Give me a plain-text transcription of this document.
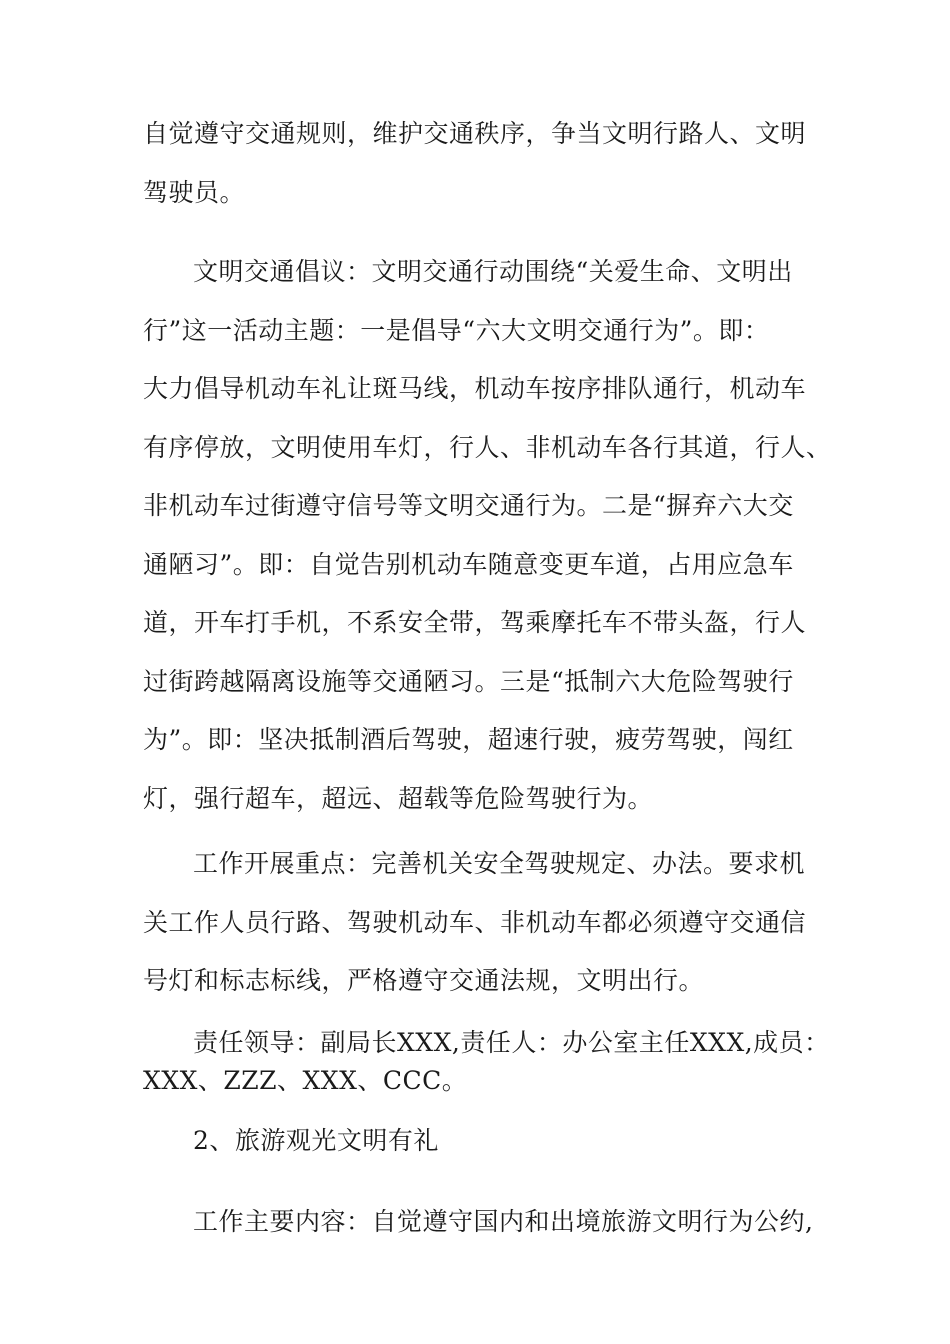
自觉遵守交通规则，维护交通秩序，争当文明行路人、文明
驾驶员。

文明交通倡议：文明交通行动围绕“关爱生命、文明出
行”这一活动主题：一是倡导“六大文明交通行为”。即：
大力倡导机动车礼让斑马线，机动车按序排队通行，机动车
有序停放，文明使用车灯，行人、非机动车各行其道，行人、
非机动车过街遵守信号等文明交通行为。二是“摒弃六大交
通陋习”。即：自觉告别机动车随意变更车道，占用应急车
道，开车打手机，不系安全带，驾乘摩托车不带头盔，行人
过街跨越隔离设施等交通陋习。三是“抵制六大危险驾驶行
为”。即：坚决抵制酒后驾驶，超速行驶，疲劳驾驶，闯红
灯，强行超车，超远、超载等危险驾驶行为。

工作开展重点：完善机关安全驾驶规定、办法。要求机
关工作人员行路、驾驶机动车、非机动车都必须遵守交通信
号灯和标志标线，严格遵守交通法规，文明出行。

责任领导：副局长XXX,责任人：办公室主任XXX,成员：
XXX、ZZZ、XXX、CCC。

2、旅游观光文明有礼

工作主要内容：自觉遵守国内和出境旅游文明行为公约,
